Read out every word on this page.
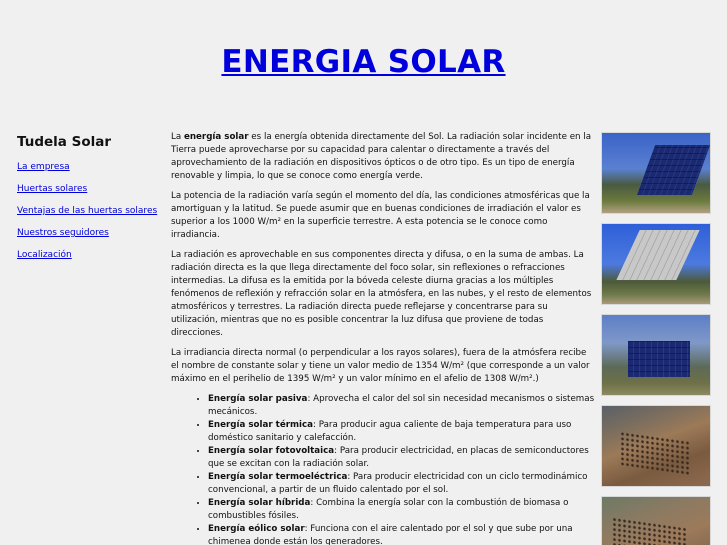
ENERGIA SOLAR
Tudela Solar
La empresa
Huertas solares
Ventajas de las huertas solares
Nuestros seguidores
Localización

La energía solar es la energía obtenida directamente del Sol. La radiación solar incidente en la Tierra puede aprovecharse por su capacidad para calentar o directamente a través del aprovechamiento de la radiación en dispositivos ópticos o de otro tipo. Es un tipo de energía renovable y limpia, lo que se conoce como energía verde.

La potencia de la radiación varía según el momento del día, las condiciones atmosféricas que la amortiguan y la latitud. Se puede asumir que en buenas condiciones de irradiación el valor es superior a los 1000 W/m² en la superficie terrestre. A esta potencia se le conoce como irradiancia.

La radiación es aprovechable en sus componentes directa y difusa, o en la suma de ambas. La radiación directa es la que llega directamente del foco solar, sin reflexiones o refracciones intermedias. La difusa es la emitida por la bóveda celeste diurna gracias a los múltiples fenómenos de reflexión y refracción solar en la atmósfera, en las nubes, y el resto de elementos atmosféricos y terrestres. La radiación directa puede reflejarse y concentrarse para su utilización, mientras que no es posible concentrar la luz difusa que proviene de todas direcciones.

La irradiancia directa normal (o perpendicular a los rayos solares), fuera de la atmósfera recibe el nombre de constante solar y tiene un valor medio de 1354 W/m² (que corresponde a un valor máximo en el perihelio de 1395 W/m² y un valor mínimo en el afelio de 1308 W/m².)

• Energía solar pasiva: Aprovecha el calor del sol sin necesidad mecanismos o sistemas mecánicos.
• Energía solar térmica: Para producir agua caliente de baja temperatura para uso doméstico sanitario y calefacción.
• Energía solar fotovoltaica: Para producir electricidad, en placas de semiconductores que se excitan con la radiación solar.
• Energía solar termoeléctrica: Para producir electricidad con un ciclo termodinámico convencional, a partir de un fluido calentado por el sol.
• Energía solar híbrida: Combina la energía solar con la combustión de biomasa o combustibles fósiles.
• Energía eólico solar: Funciona con el aire calentado por el sol y que sube por una chimenea donde están los generadores.
